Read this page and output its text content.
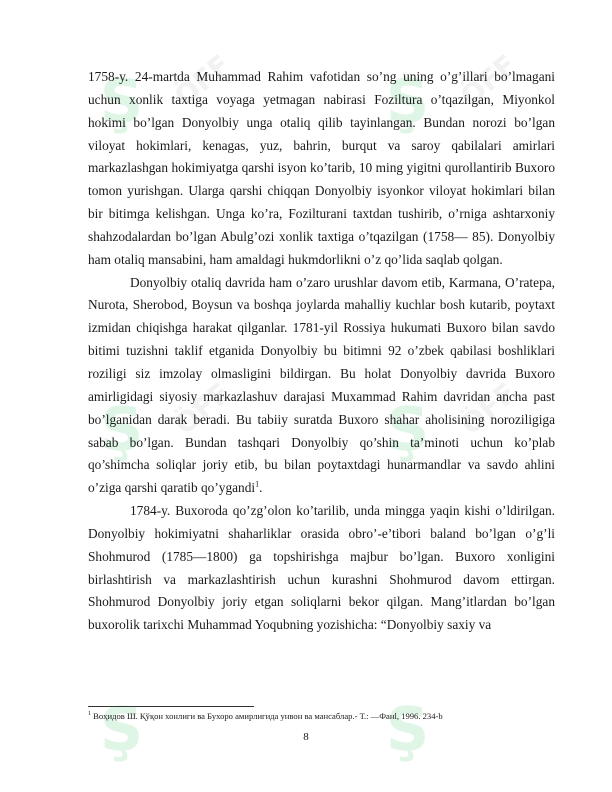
Ş ÖFF Ş ÖFF
Ş ÖFF Ş ÖFF
Ş	Ş

1758-y. 24-martda Muhammad Rahim vafotidan so’ng uning o’g’illari bo’lmagani uchun xonlik taxtiga voyaga yetmagan nabirasi Foziltura o’tqazilgan, Miyonkol hokimi bo’lgan Donyolbiy unga otaliq qilib tayinlangan. Bundan norozi bo’lgan viloyat hokimlari, kenagas, yuz, bahrin, burqut va saroy qabilalari amirlari markazlashgan hokimiyatga qarshi isyon ko’tarib, 10 ming yigitni qurollantirib Buxoro tomon yurishgan. Ularga qarshi chiqqan Donyolbiy isyonkor viloyat hokimlari bilan bir bitimga kelishgan. Unga ko’ra, Fozilturani taxtdan tushirib, o’rniga ashtarxoniy shahzodalardan bo’lgan Abulg’ozi xonlik taxtiga o’tqazilgan (1758— 85). Donyolbiy ham otaliq mansabini, ham amaldagi hukmdorlikni o’z qo’lida saqlab qolgan.

Donyolbiy otaliq davrida ham o’zaro urushlar davom etib, Karmana, O’ratepa, Nurota, Sherobod, Boysun va boshqa joylarda mahalliy kuchlar bosh kutarib, poytaxt izmidan chiqishga harakat qilganlar. 1781-yil Rossiya hukumati Buxoro bilan savdo bitimi tuzishni taklif etganida Donyolbiy bu bitimni 92 o’zbek qabilasi boshliklari roziligi siz imzolay olmasligini bildirgan. Bu holat Donyolbiy davrida Buxoro amirligidagi siyosiy markazlashuv darajasi Muxammad Rahim davridan ancha past bo’lganidan darak beradi. Bu tabiiy suratda Buxoro shahar aholisining noroziligiga sabab bo’lgan. Bundan tashqari Donyolbiy qo’shin ta’minoti uchun ko’plab qo’shimcha soliqlar joriy etib, bu bilan poytaxtdagi hunarmandlar va savdo ahlini o’ziga qarshi qaratib qo’ygandi$^1$.

1784-y. Buxoroda qo’zg’olon ko’tarilib, unda mingga yaqin kishi o’ldirilgan. Donyolbiy hokimiyatni shaharliklar orasida obro’-e’tibori baland bo’lgan o’g’li Shohmurod (1785—1800) ga topshirishga majbur bo’lgan. Buxoro xonligini birlashtirish va markazlashtirish uchun kurashni Shohmurod davom ettirgan. Shohmurod Donyolbiy joriy etgan soliqlarni bekor qilgan. Mang’itlardan bo’lgan buxorolik tarixchi Muhammad Yoqubning yozishicha: “Donyolbiy saxiy va

$^1$ Воҳидов Ш. Қўқон хонлиги ва Бухоро амирлигида унвон ва мансаблар.- Т.: —Фанl, 1996. 234-b
8
